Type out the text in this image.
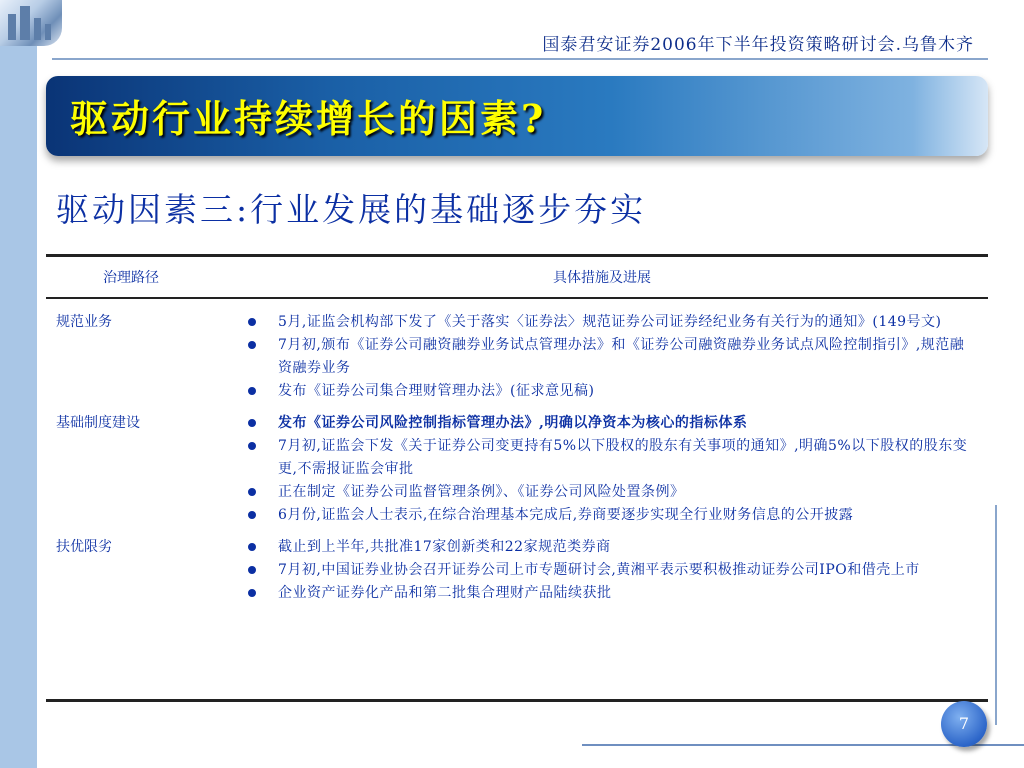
国泰君安证券2006年下半年投资策略研讨会.乌鲁木齐
驱动行业持续增长的因素?
驱动因素三:行业发展的基础逐步夯实
治理路径	具体措施及进展
规范业务	5月,证监会机构部下发了《关于落实〈证券法〉规范证券公司证券经纪业务有关行为的通知》(149号文)
7月初,颁布《证券公司融资融券业务试点管理办法》和《证券公司融资融券业务试点风险控制指引》,规范融资融券业务
发布《证券公司集合理财管理办法》(征求意见稿)
基础制度建设	发布《证券公司风险控制指标管理办法》,明确以净资本为核心的指标体系
7月初,证监会下发《关于证券公司变更持有5%以下股权的股东有关事项的通知》,明确5%以下股权的股东变更,不需报证监会审批
正在制定《证券公司监督管理条例》、《证券公司风险处置条例》
6月份,证监会人士表示,在综合治理基本完成后,券商要逐步实现全行业财务信息的公开披露
扶优限劣	截止到上半年,共批准17家创新类和22家规范类券商
7月初,中国证券业协会召开证券公司上市专题研讨会,黄湘平表示要积极推动证券公司IPO和借壳上市
企业资产证券化产品和第二批集合理财产品陆续获批
7
